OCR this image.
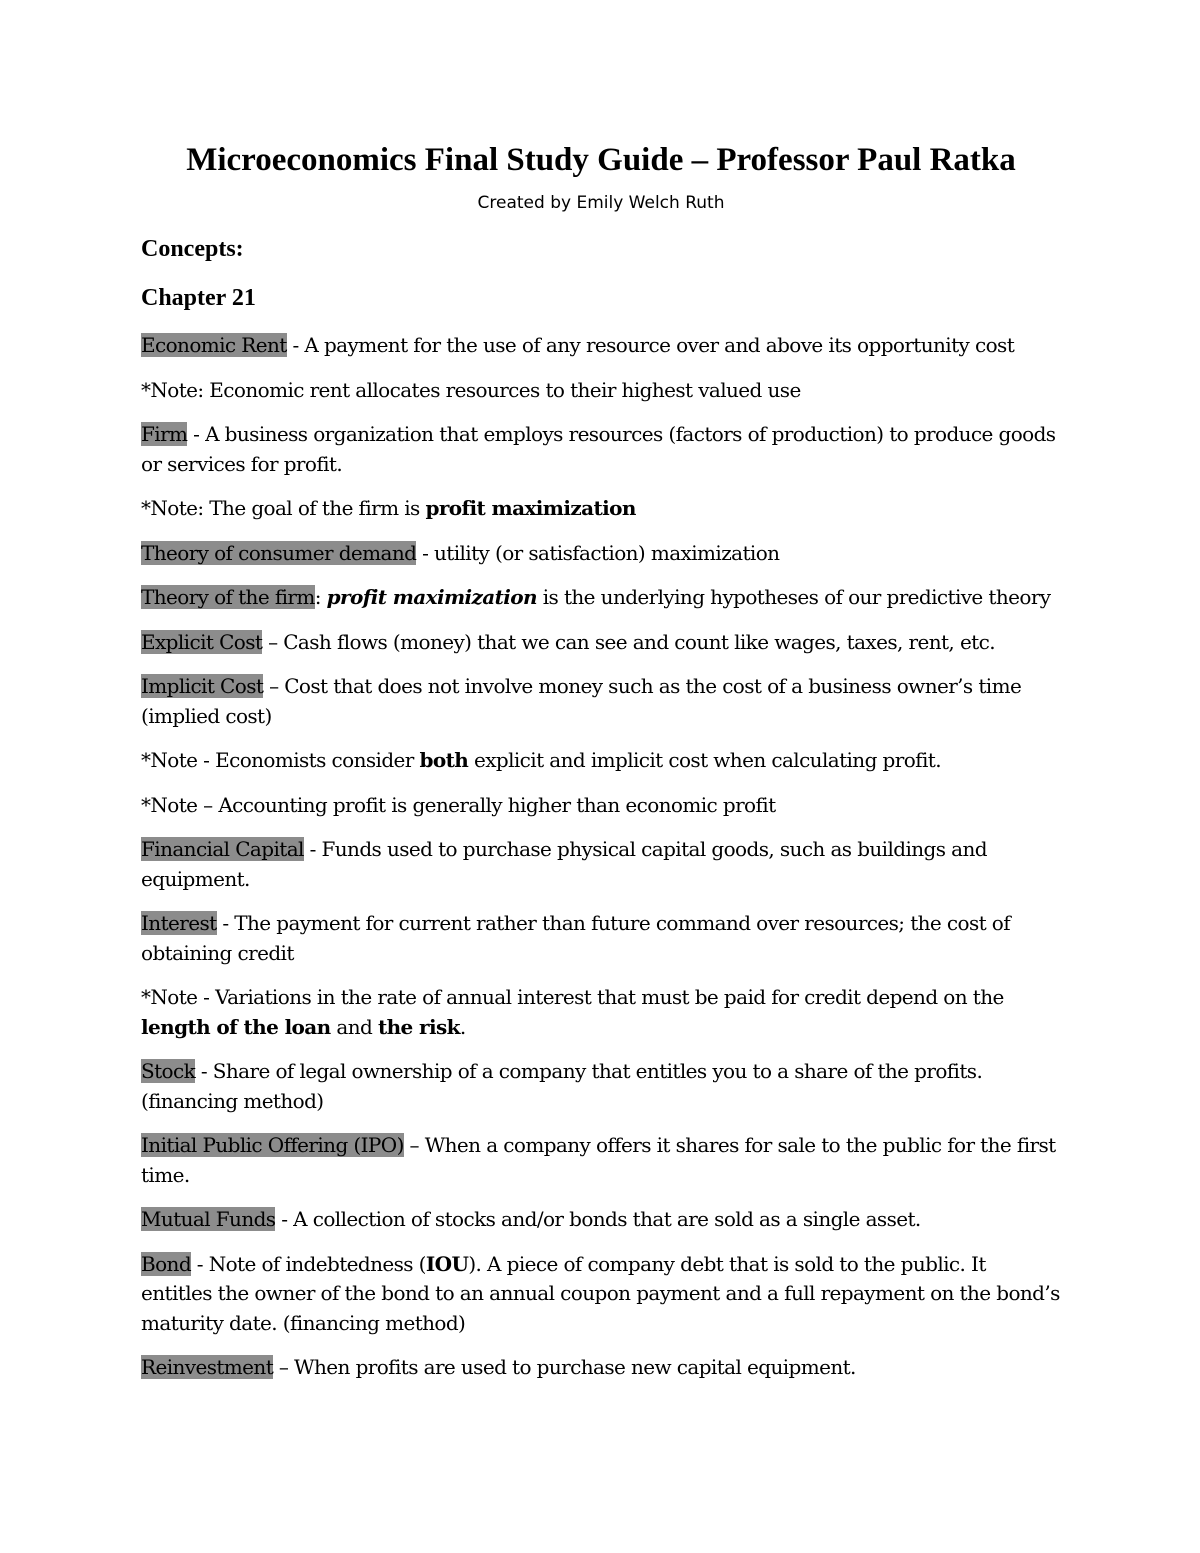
Microeconomics Final Study Guide – Professor Paul Ratka
Created by Emily Welch Ruth
Concepts:
Chapter 21

Economic Rent - A payment for the use of any resource over and above its opportunity cost

*Note: Economic rent allocates resources to their highest valued use

Firm - A business organization that employs resources (factors of production) to produce goods or services for profit.

*Note: The goal of the firm is profit maximization

Theory of consumer demand - utility (or satisfaction) maximization

Theory of the firm: profit maximization is the underlying hypotheses of our predictive theory

Explicit Cost – Cash flows (money) that we can see and count like wages, taxes, rent, etc.

Implicit Cost – Cost that does not involve money such as the cost of a business owner’s time (implied cost)

*Note - Economists consider both explicit and implicit cost when calculating profit.

*Note – Accounting profit is generally higher than economic profit

Financial Capital - Funds used to purchase physical capital goods, such as buildings and equipment.

Interest - The payment for current rather than future command over resources; the cost of obtaining credit

*Note - Variations in the rate of annual interest that must be paid for credit depend on the length of the loan and the risk.

Stock - Share of legal ownership of a company that entitles you to a share of the profits. (financing method)

Initial Public Offering (IPO) – When a company offers it shares for sale to the public for the first time.

Mutual Funds - A collection of stocks and/or bonds that are sold as a single asset.

Bond - Note of indebtedness (IOU). A piece of company debt that is sold to the public. It entitles the owner of the bond to an annual coupon payment and a full repayment on the bond’s maturity date. (financing method)

Reinvestment – When profits are used to purchase new capital equipment.
